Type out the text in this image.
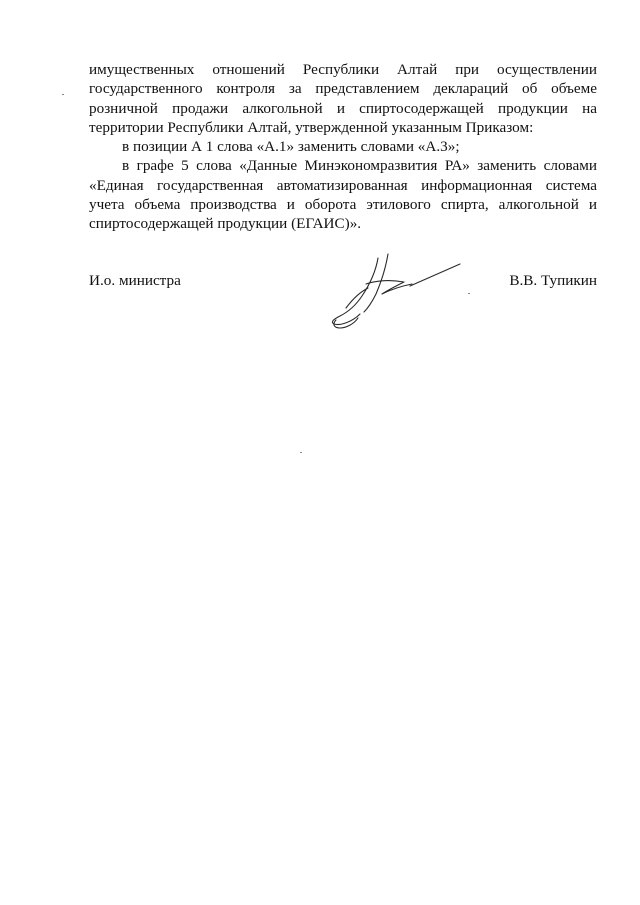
имущественных отношений Республики Алтай при осуществлении государственного контроля за представлением деклараций об объеме розничной продажи алкогольной и спиртосодержащей продукции на территории Республики Алтай, утвержденной указанным Приказом:

в позиции А 1 слова «А.1» заменить словами «А.3»;

в графе 5 слова «Данные Минэкономразвития РА» заменить словами «Единая государственная автоматизированная информационная система учета объема производства и оборота этилового спирта, алкогольной и спиртосодержащей продукции (ЕГАИС)».

И.о. министра	В.В. Тупикин
